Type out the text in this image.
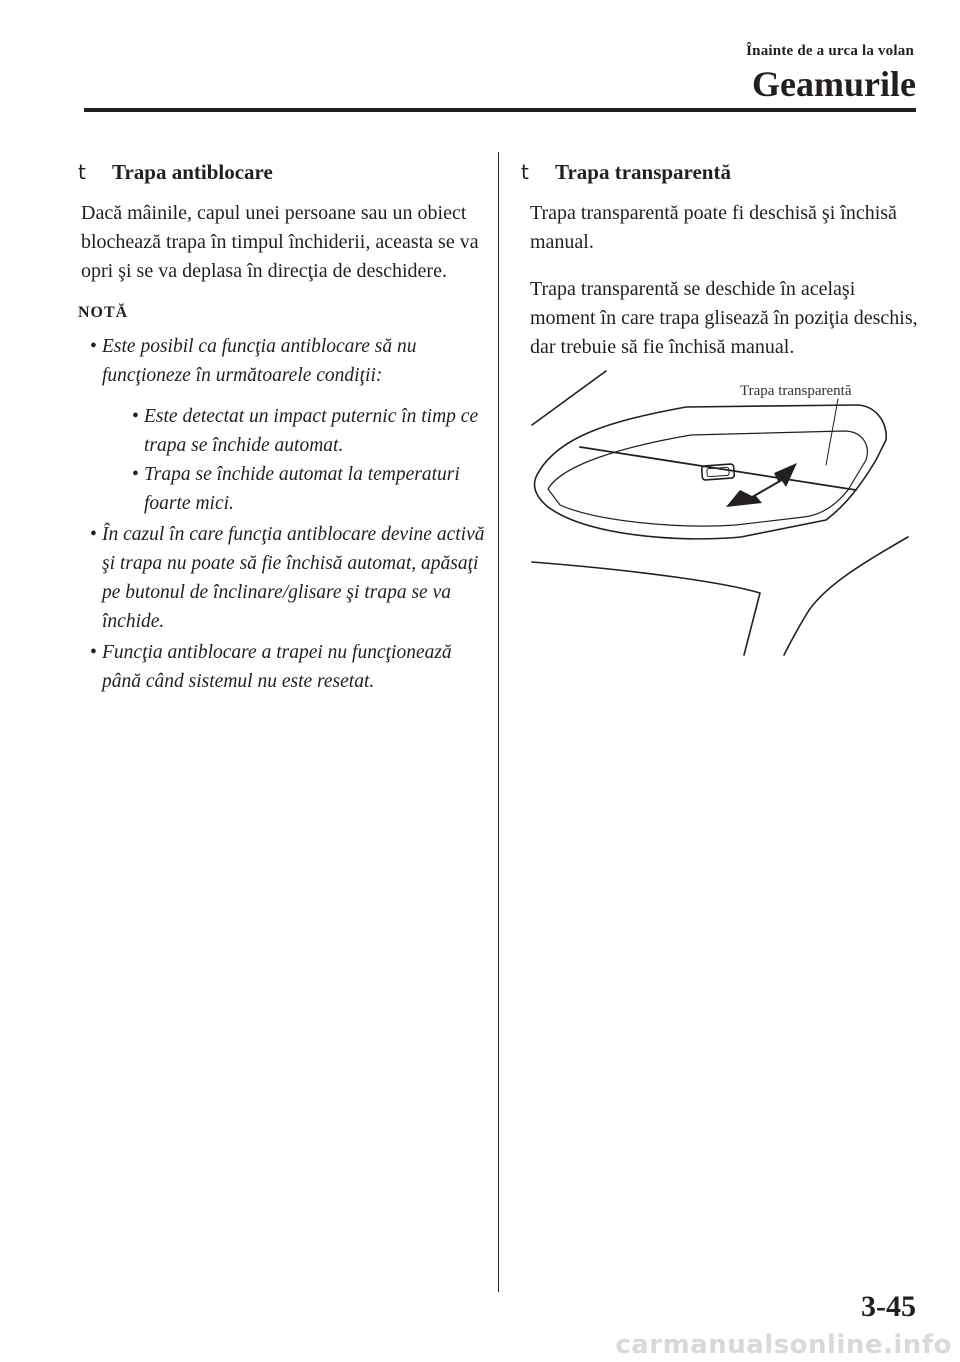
Înainte de a urca la volan
Geamurile
t	Trapa antiblocare

Dacă mâinile, capul unei persoane sau un obiect blochează trapa în timpul închiderii, aceasta se va opri şi se va deplasa în direcţia de deschidere.

NOTĂ
• Este posibil ca funcţia antiblocare să nu funcţioneze în următoarele condiţii:
• Este detectat un impact puternic în timp ce trapa se închide automat.
• Trapa se închide automat la temperaturi foarte mici.
• În cazul în care funcţia antiblocare devine activă şi trapa nu poate să fie închisă automat, apăsaţi pe butonul de înclinare/glisare şi trapa se va închide.
• Funcţia antiblocare a trapei nu funcţionează până când sistemul nu este resetat.
t	Trapa transparentă

Trapa transparentă poate fi deschisă şi închisă manual.

Trapa transparentă se deschide în acelaşi moment în care trapa glisează în poziţia deschis, dar trebuie să fie închisă manual.

Trapa transparentă
3-45
carmanualsonline.info
